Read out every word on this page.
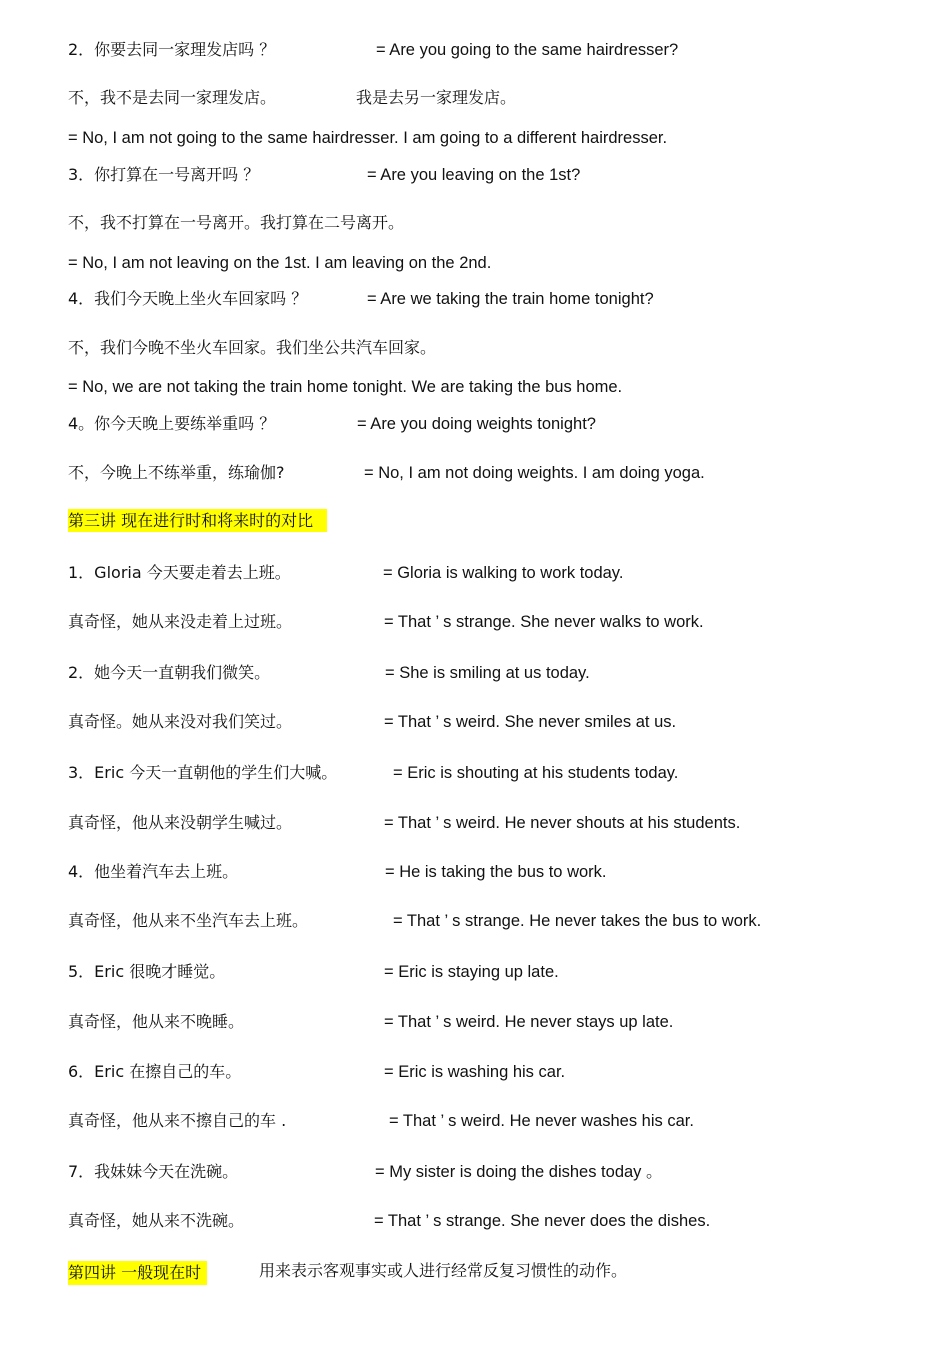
2．你要去同一家理发店吗 ？	= Are you going to the same hairdresser?
不，我不是去同一家理发店。	我是去另一家理发店。
= No, I am not going to the same hairdresser. I am going to a different hairdresser.
3．你打算在一号离开吗 ？	= Are you leaving on the 1st?
不，我不打算在一号离开。我打算在二号离开。
= No, I am not leaving on the 1st. I am leaving on the 2nd.
4．我们今天晚上坐火车回家吗 ？	= Are we taking the train home tonight?
不，我们今晚不坐火车回家。我们坐公共汽车回家。
= No, we are not taking the train home tonight. We are taking the bus home.
4。你今天晚上要练举重吗 ？	= Are you doing weights tonight?
不，今晚上不练举重，练瑜伽?	= No, I am not doing weights. I am doing yoga.
第三讲 现在进行时和将来时的对比
1．Gloria 今天要走着去上班。	= Gloria is walking to work today.
真奇怪，她从来没走着上过班。	= That ’ s strange. She never walks to work.
2．她今天一直朝我们微笑。	= She is smiling at us today.
真奇怪。她从来没对我们笑过。	= That ’ s weird. She never smiles at us.
3．Eric 今天一直朝他的学生们大喊。	= Eric is shouting at his students today.
真奇怪，他从来没朝学生喊过。	= That ’ s weird. He never shouts at his students.
4．他坐着汽车去上班。	= He is taking the bus to work.
真奇怪，他从来不坐汽车去上班。	= That ’ s strange. He never takes the bus to work.
5．Eric 很晚才睡觉。	= Eric is staying up late.
真奇怪，他从来不晚睡。	= That ’ s weird. He never stays up late.
6．Eric 在擦自己的车。	= Eric is washing his car.
真奇怪，他从来不擦自己的车 .	= That ’ s weird. He never washes his car.
7．我妹妹今天在洗碗。	= My sister is doing the dishes today 。
真奇怪，她从来不洗碗。	= That ’ s strange. She never does the dishes.
第四讲 一般现在时	用来表示客观事实或人进行经常反复习惯性的动作。
